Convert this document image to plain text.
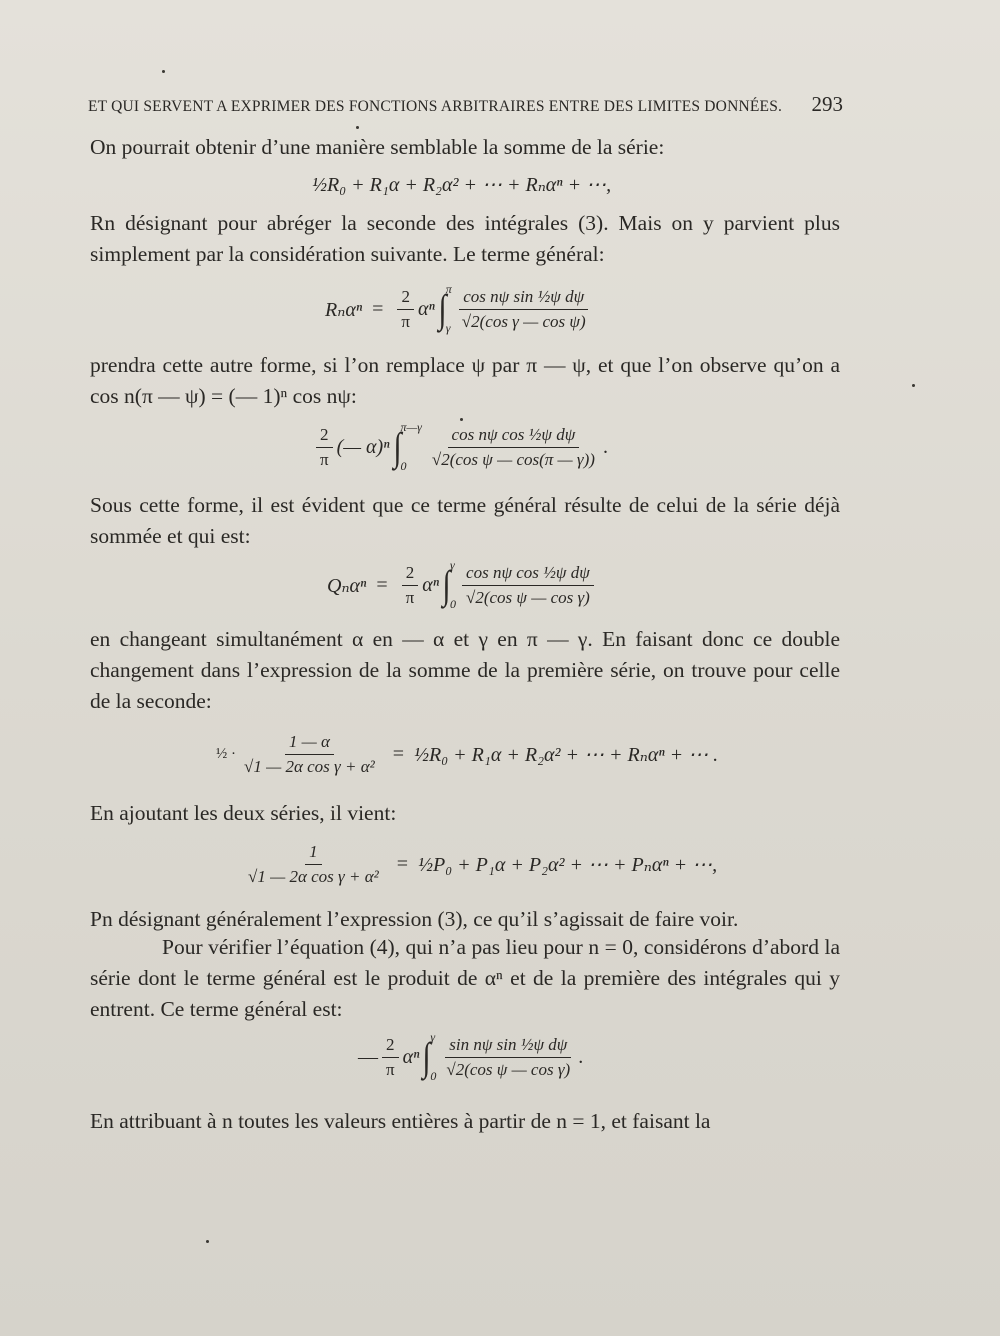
ET QUI SERVENT A EXPRIMER DES FONCTIONS ARBITRAIRES ENTRE DES LIMITES DONNÉES. 293
On pourrait obtenir d’une manière semblable la somme de la série:
½R₀ + R₁α + R₂α² + ⋯ + Rₙαⁿ + ⋯,
Rn désignant pour abréger la seconde des intégrales (3). Mais on y parvient plus simplement par la considération suivante. Le terme général:
$R_n\alpha^n = \frac{2}{\pi}$ αⁿ ∫ π
γ $\frac{\text{cos nψ sin ½ψ dψ}}{\text{√2(cos γ — cos ψ)}}$
prendra cette autre forme, si l’on remplace ψ par π — ψ, et que l’on observe qu’on a cos n(π — ψ) = (— 1)ⁿ cos nψ:
$\frac{2}{\pi}$ (— α)ⁿ ∫ π—γ
0	$\frac{\text{cos nψ cos ½ψ dψ}}{\text{√2(cos ψ — cos(π — γ))}}$ .
Sous cette forme, il est évident que ce terme général résulte de celui de la série déjà sommée et qui est:
$Q_n\alpha^n = \frac{2}{\pi}$ αⁿ ∫ γ
$0 \frac{\text{cos nψ cos ½ψ dψ}}{\text{√2(cos ψ — cos γ)}}$
en changeant simultanément α en — α et γ en π — γ. En faisant donc ce double changement dans l’expression de la somme de la première série, on trouve pour celle de la seconde:
½ · $\frac{1 — \alpha}{\text{√1 — 2α cos γ + α²}}$ = ½R₀ + R₁α + R₂α² + ⋯ + Rₙαⁿ + ⋯ .
En ajoutant les deux séries, il vient:
$\frac{1}{\text{√1 — 2α cos γ + α²}}$ = ½P₀ + P₁α + P₂α² + ⋯ + Pₙαⁿ + ⋯,
Pn désignant généralement l’expression (3), ce qu’il s’agissait de faire voir.
Pour vérifier l’équation (4), qui n’a pas lieu pour n = 0, considérons d’abord la série dont le terme général est le produit de αⁿ et de la première des intégrales qui y entrent. Ce terme général est:
— $\frac{2}{\pi}$ αⁿ ∫ γ
$0 \frac{\text{sin nψ sin ½ψ dψ}}{\text{√2(cos ψ — cos γ)}}$ .
En attribuant à n toutes les valeurs entières à partir de n = 1, et faisant la
